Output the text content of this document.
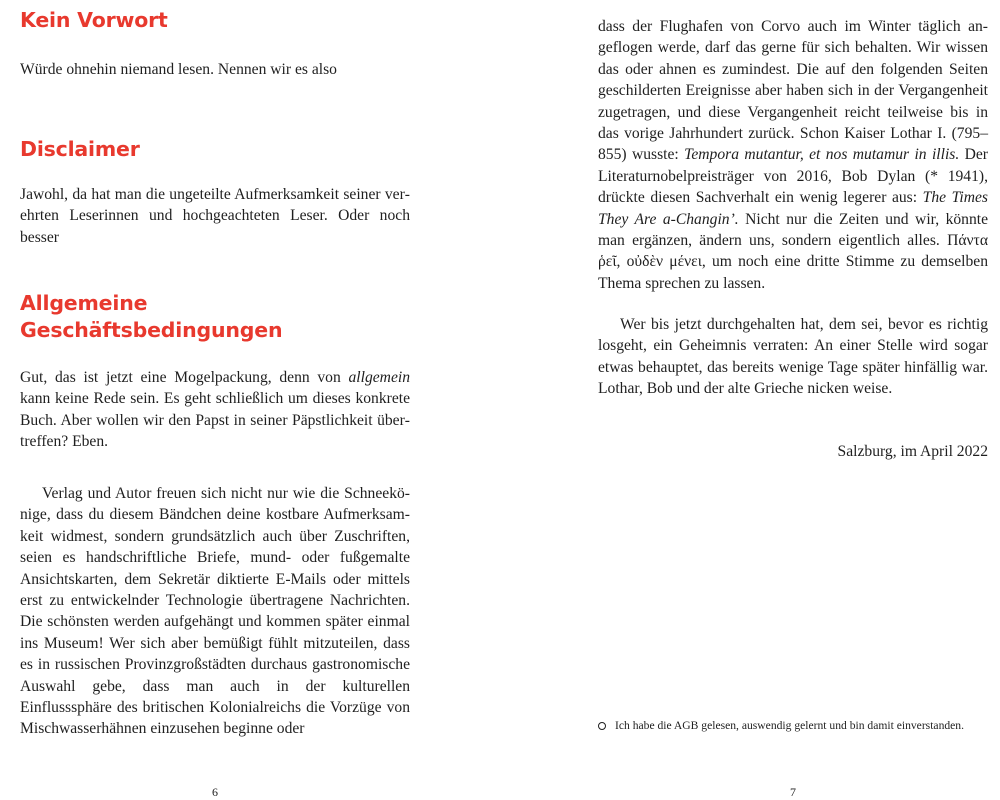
Kein Vorwort

Würde ohnehin niemand lesen. Nennen wir es also

Disclaimer

Jawohl, da hat man die ungeteilte Aufmerksamkeit seiner verehrten Leserinnen und hochgeachteten Leser. Oder noch besser

Allgemeine
Geschäftsbedingungen

Gut, das ist jetzt eine Mogelpackung, denn von allgemein kann keine Rede sein. Es geht schließlich um dieses konkrete Buch. Aber wollen wir den Papst in seiner Päpstlichkeit übertreffen? Eben.

Verlag und Autor freuen sich nicht nur wie die Schneekönige, dass du diesem Bändchen deine kostbare Aufmerksamkeit widmest, sondern grundsätzlich auch über Zuschriften, seien es handschriftliche Briefe, mund- oder fußgemalte Ansichtskarten, dem Sekretär diktierte E-Mails oder mittels erst zu entwickelnder Technologie übertragene Nachrichten. Die schönsten werden aufgehängt und kommen später einmal ins Museum! Wer sich aber bemüßigt fühlt mitzuteilen, dass es in russischen Provinzgroßstädten durchaus gastronomische Auswahl gebe, dass man auch in der kulturellen Einflusssphäre des britischen Kolonialreichs die Vorzüge von Mischwasserhähnen einzusehen beginne oder

6

dass der Flughafen von Corvo auch im Winter täglich angeflogen werde, darf das gerne für sich behalten. Wir wissen das oder ahnen es zumindest. Die auf den folgenden Seiten geschilderten Ereignisse aber haben sich in der Vergangenheit zugetragen, und diese Vergangenheit reicht teilweise bis in das vorige Jahrhundert zurück. Schon Kaiser Lothar I. (795–855) wusste: Tempora mutantur, et nos mutamur in illis. Der Literaturnobelpreisträger von 2016, Bob Dylan (* 1941), drückte diesen Sachverhalt ein wenig legerer aus: The Times They Are a-Changin’. Nicht nur die Zeiten und wir, könnte man ergänzen, ändern uns, sondern eigentlich alles. Πάντα ῥεῖ, οὐδὲν μένει, um noch eine dritte Stimme zu demselben Thema sprechen zu lassen.

Wer bis jetzt durchgehalten hat, dem sei, bevor es richtig losgeht, ein Geheimnis verraten: An einer Stelle wird sogar etwas behauptet, das bereits wenige Tage später hinfällig war. Lothar, Bob und der alte Grieche nicken weise.

Salzburg, im April 2022

Ich habe die AGB gelesen, auswendig gelernt und bin damit einverstanden.
7
